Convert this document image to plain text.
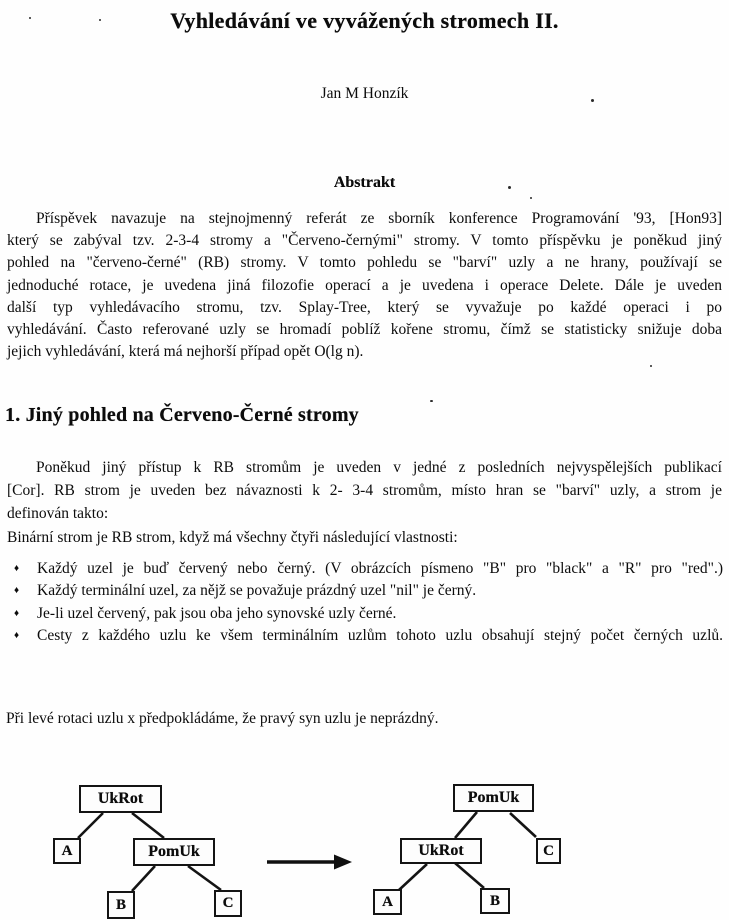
Vyhledávání ve vyvážených stromech II.
Jan M Honzík
Abstrakt
Příspěvek navazuje na stejnojmenný referát ze sborník konference Programování '93, [Hon93]
který se zabýval tzv. 2-3-4 stromy a "Červeno-černými" stromy. V tomto příspěvku je poněkud jiný
pohled na "červeno-černé" (RB) stromy. V tomto pohledu se "barví" uzly a ne hrany, používají se
jednoduché rotace, je uvedena jiná filozofie operací a je uvedena i operace Delete. Dále je uveden
další typ vyhledávacího stromu, tzv. Splay-Tree, který se vyvažuje po každé operaci i po
vyhledávání. Často referované uzly se hromadí poblíž kořene stromu, čímž se statisticky snižuje doba
jejich vyhledávání, která má nejhorší případ opět O(lg n).
1. Jiný pohled na Červeno-Černé stromy
Poněkud jiný přístup k RB stromům je uveden v jedné z posledních nejvyspělejších publikací
[Cor]. RB strom je uveden bez návaznosti k 2- 3-4 stromům, místo hran se "barví" uzly, a strom je
definován takto:
Binární strom je RB strom, když má všechny čtyři následující vlastnosti:
♦	Každý uzel je buď červený nebo černý. (V obrázcích písmeno "B" pro "black" a "R" pro "red".)
♦	Každý terminální uzel, za nějž se považuje prázdný uzel "nil" je černý.
♦	Je-li uzel červený, pak jsou oba jeho synovské uzly černé.
♦	Cesty z každého uzlu ke všem terminálním uzlům tohoto uzlu obsahují stejný počet černých uzlů.
Při levé rotaci uzlu x předpokládáme, že pravý syn uzlu je neprázdný.
UkRot
A	PomUk
B	C
PomUk
UkRot	C
A	B
